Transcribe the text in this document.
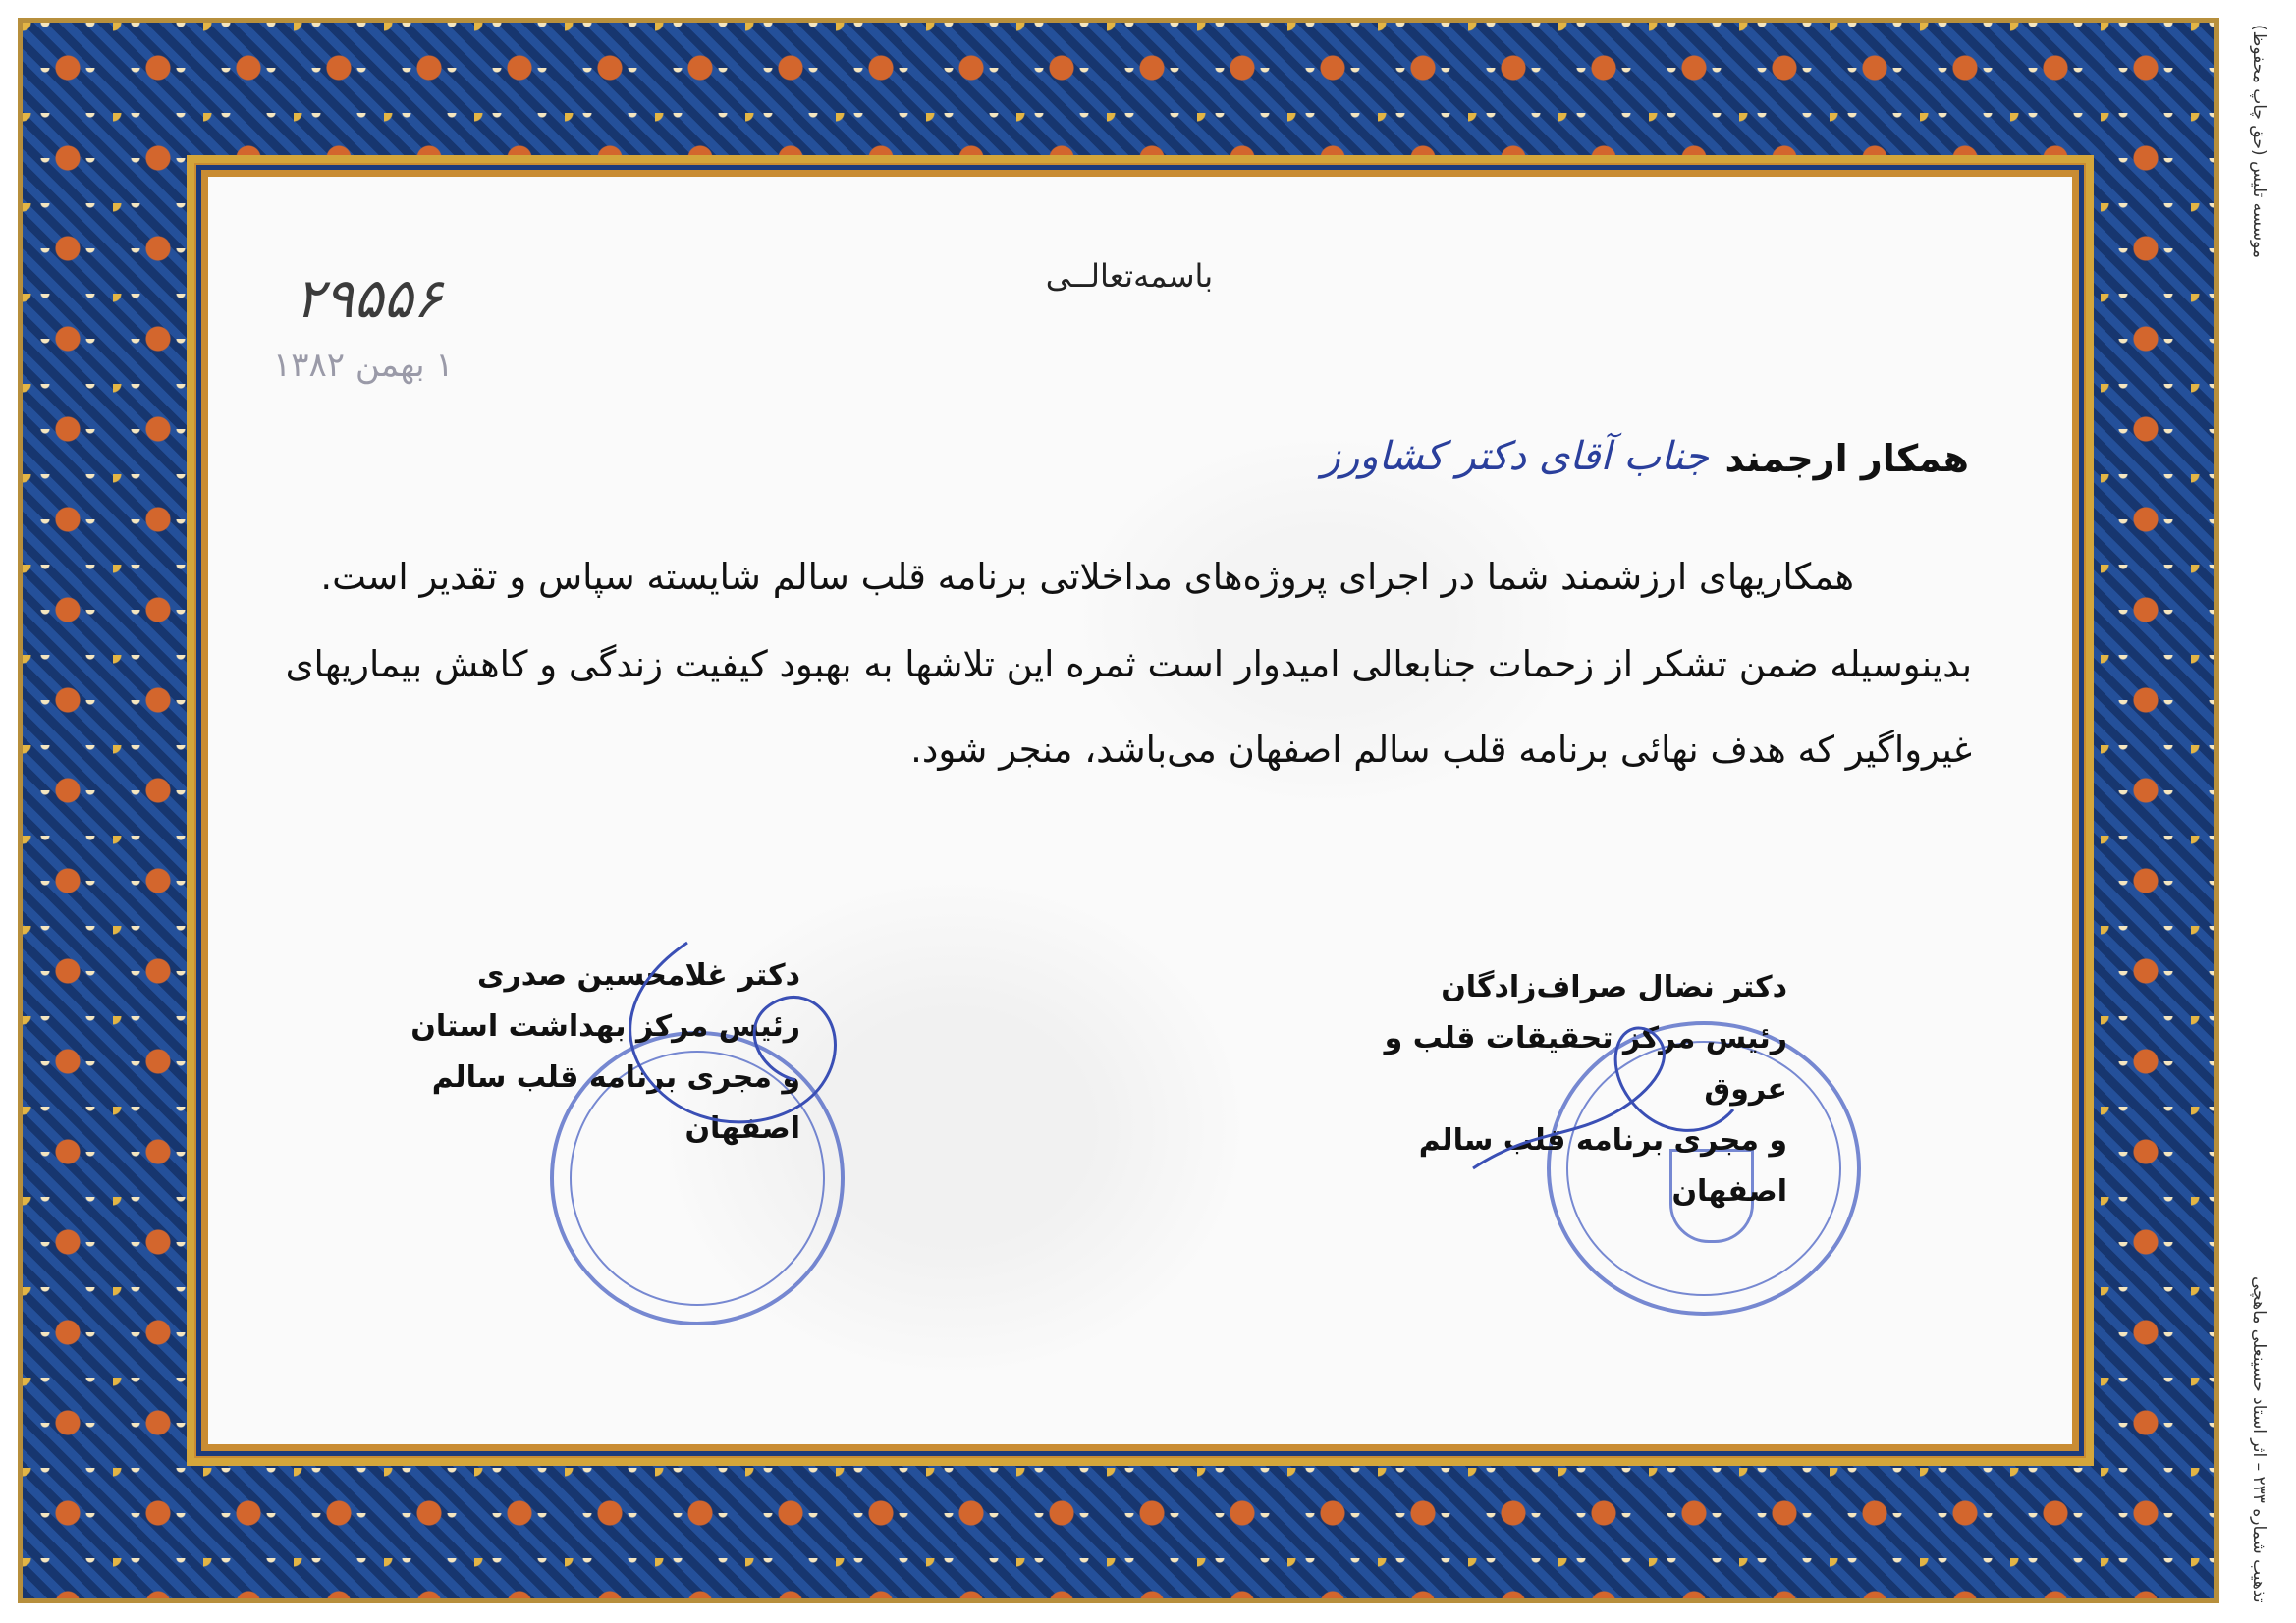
موسسه تلیس (حق چاپ محفوظ)
تذهیب شماره ۲۳۳ – اثر استاد حسینعلی ماهچی
باسمه‌تعالــی
۲۹۵۵۶
۱ بهمن ۱۳۸۲
همکار ارجمند
جناب آقای دکتر کشاورز
همکاریهای ارزشمند شما در اجرای پروژه‌های مداخلاتی برنامه قلب سالم شایسته سپاس و تقدیر است.
بدینوسیله ضمن تشکر از زحمات جنابعالی امیدوار است ثمره این تلاشها به بهبود کیفیت زندگی و کاهش بیماریهای
غیرواگیر که هدف نهائی برنامه قلب سالم اصفهان می‌باشد، منجر شود.
دکتر غلامحسین صدری
رئیس مرکز بهداشت استان
و مجری برنامه قلب سالم اصفهان
دکتر نضال صراف‌زادگان
رئیس مرکز تحقیقات قلب و عروق
و مجری برنامه قلب سالم اصفهان
